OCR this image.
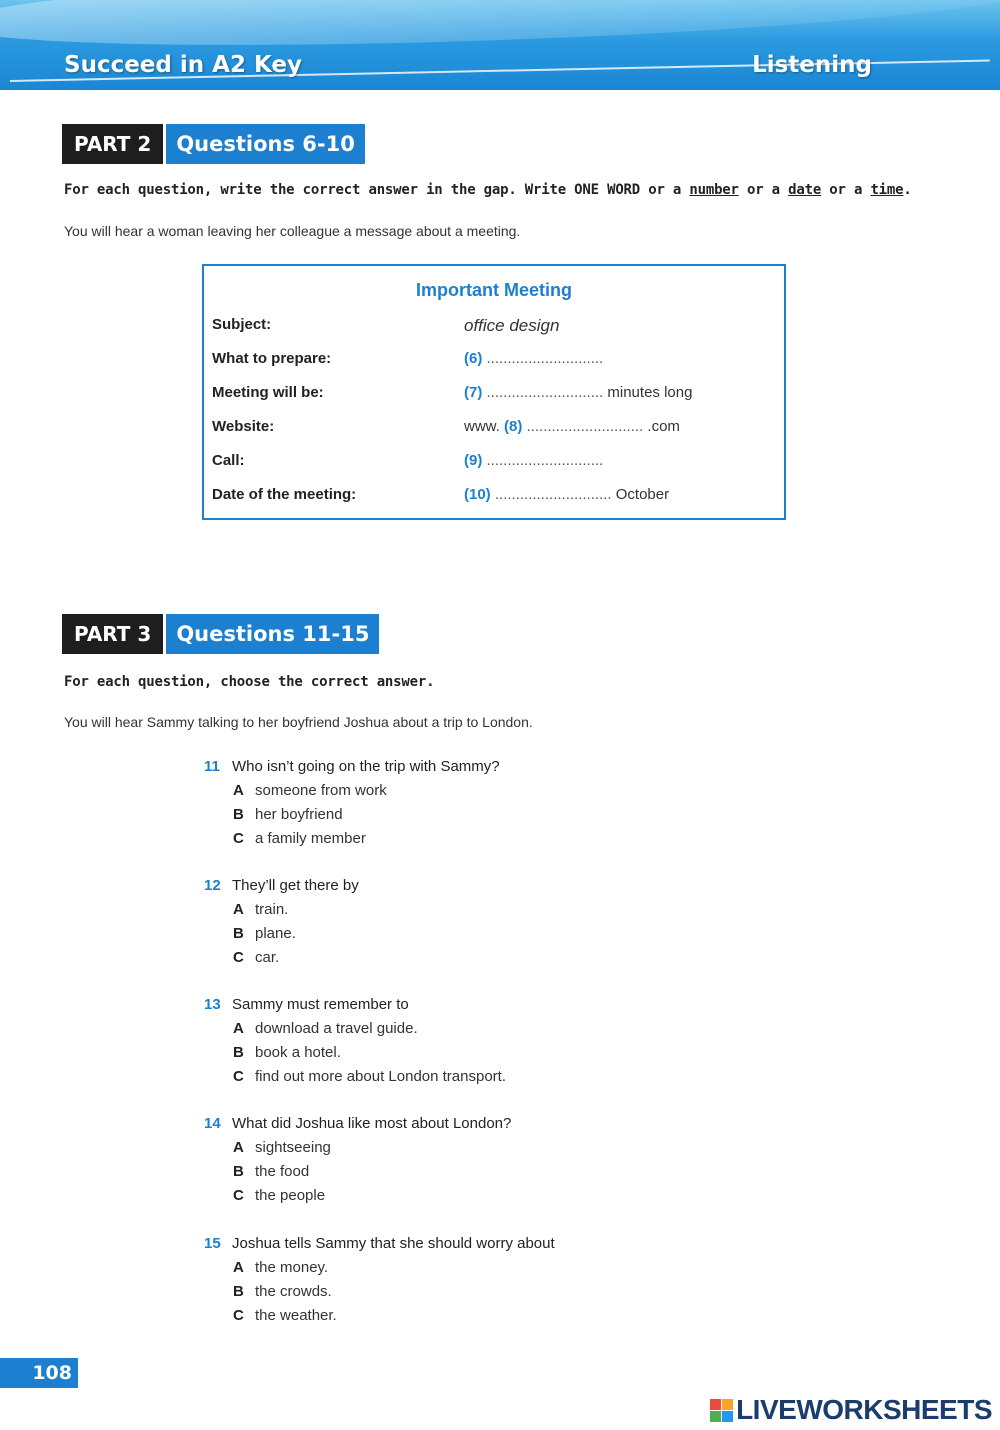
Succeed in A2 Key	Listening
PART 2	Questions 6-10
For each question, write the correct answer in the gap. Write ONE WORD or a number or a date or a time.
You will hear a woman leaving her colleague a message about a meeting.
Important Meeting
Subject:	office design
What to prepare:	(6) ............................
Meeting will be:	(7) ............................ minutes long
Website:	www. (8) ............................ .com
Call:	(9) ............................
Date of the meeting:	(10) ............................ October
PART 3	Questions 11-15
For each question, choose the correct answer.
You will hear Sammy talking to her boyfriend Joshua about a trip to London.
11 Who isn’t going on the trip with Sammy?
A someone from work
B her boyfriend
C a family member
12 They’ll get there by
A train.
B plane.
C car.
13 Sammy must remember to
A download a travel guide.
B book a hotel.
C find out more about London transport.
14 What did Joshua like most about London?
A sightseeing
B the food
C the people
15 Joshua tells Sammy that she should worry about
A the money.
B the crowds.
C the weather.
108
LIVEWORKSHEETS
